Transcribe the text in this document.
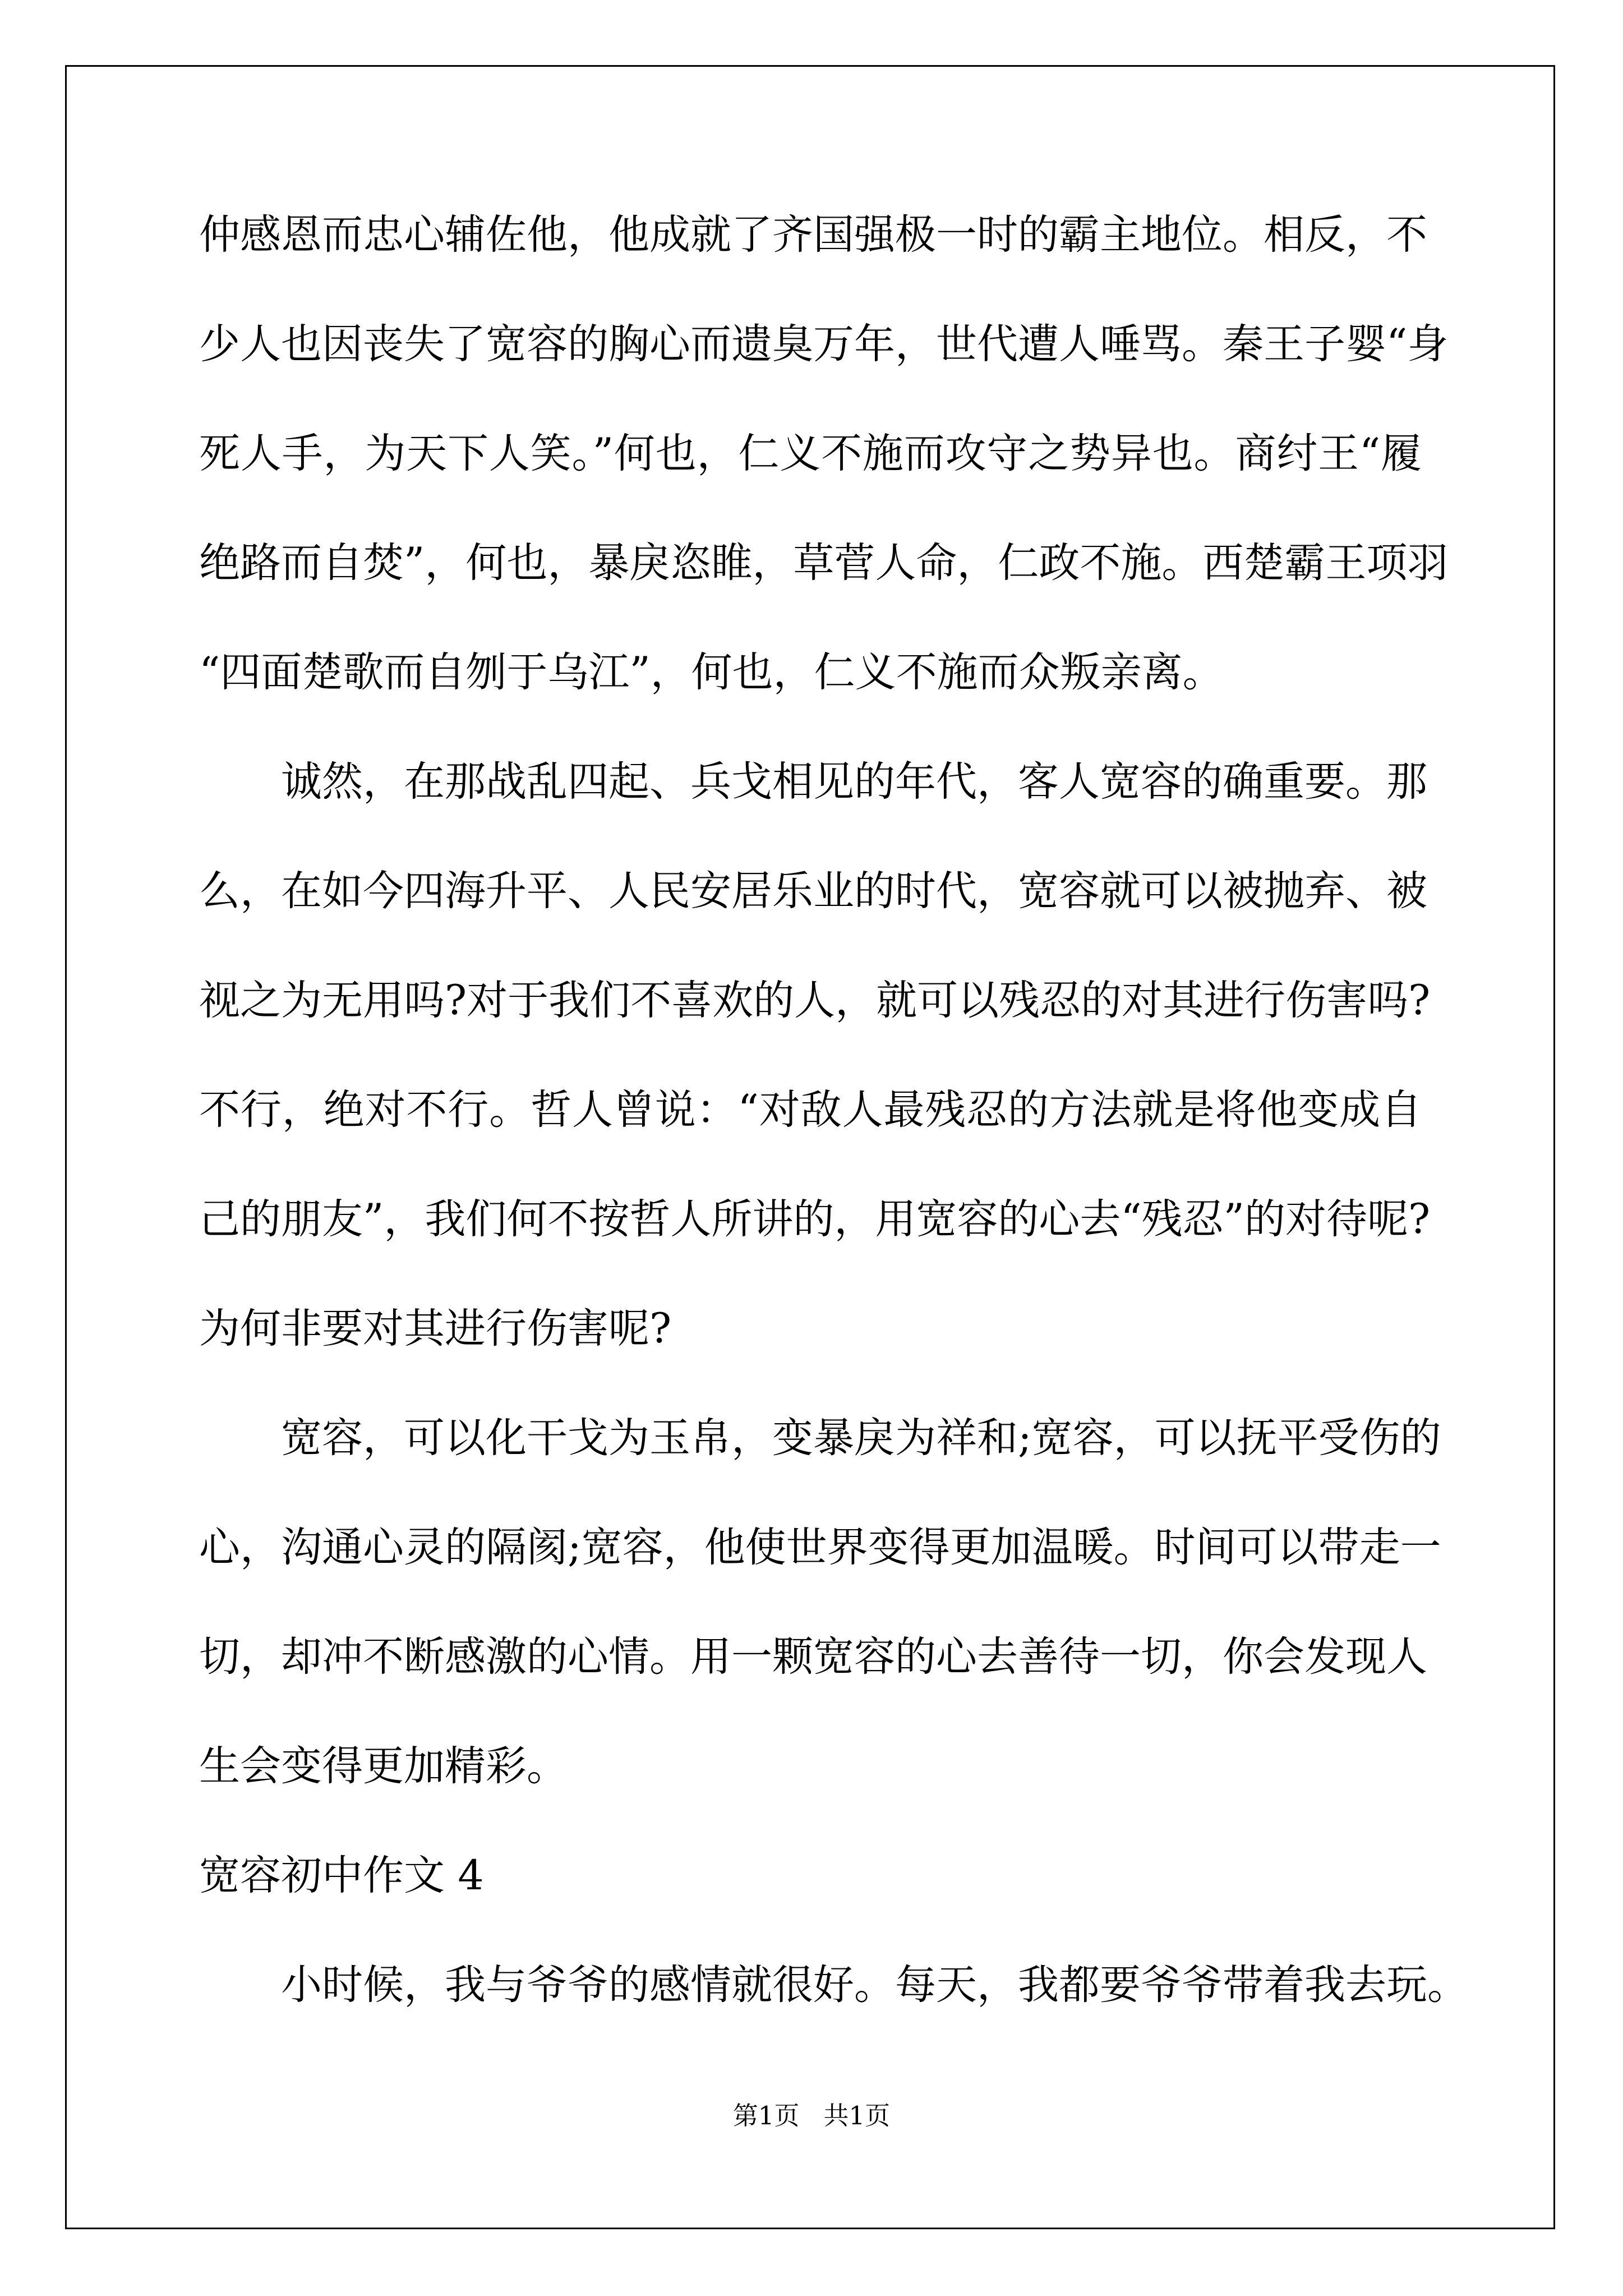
仲感恩而忠心辅佐他，他成就了齐国强极一时的霸主地位。相反，不
少人也因丧失了宽容的胸心而遗臭万年，世代遭人唾骂。秦王子婴“身
死人手，为天下人笑。”何也，仁义不施而攻守之势异也。商纣王“履
绝路而自焚”，何也，暴戾恣睢，草菅人命，仁政不施。西楚霸王项羽
“四面楚歌而自刎于乌江”，何也，仁义不施而众叛亲离。
诚然，在那战乱四起、兵戈相见的年代，客人宽容的确重要。那
么，在如今四海升平、人民安居乐业的时代，宽容就可以被抛弃、被
视之为无用吗?对于我们不喜欢的人，就可以残忍的对其进行伤害吗?
不行，绝对不行。哲人曾说：“对敌人最残忍的方法就是将他变成自
己的朋友”，我们何不按哲人所讲的，用宽容的心去“残忍”的对待呢?
为何非要对其进行伤害呢?
宽容，可以化干戈为玉帛，变暴戾为祥和;宽容，可以抚平受伤的
心，沟通心灵的隔阂;宽容，他使世界变得更加温暖。时间可以带走一
切，却冲不断感激的心情。用一颗宽容的心去善待一切，你会发现人
生会变得更加精彩。
宽容初中作文 4
小时候，我与爷爷的感情就很好。每天，我都要爷爷带着我去玩。
第1页   共1页
